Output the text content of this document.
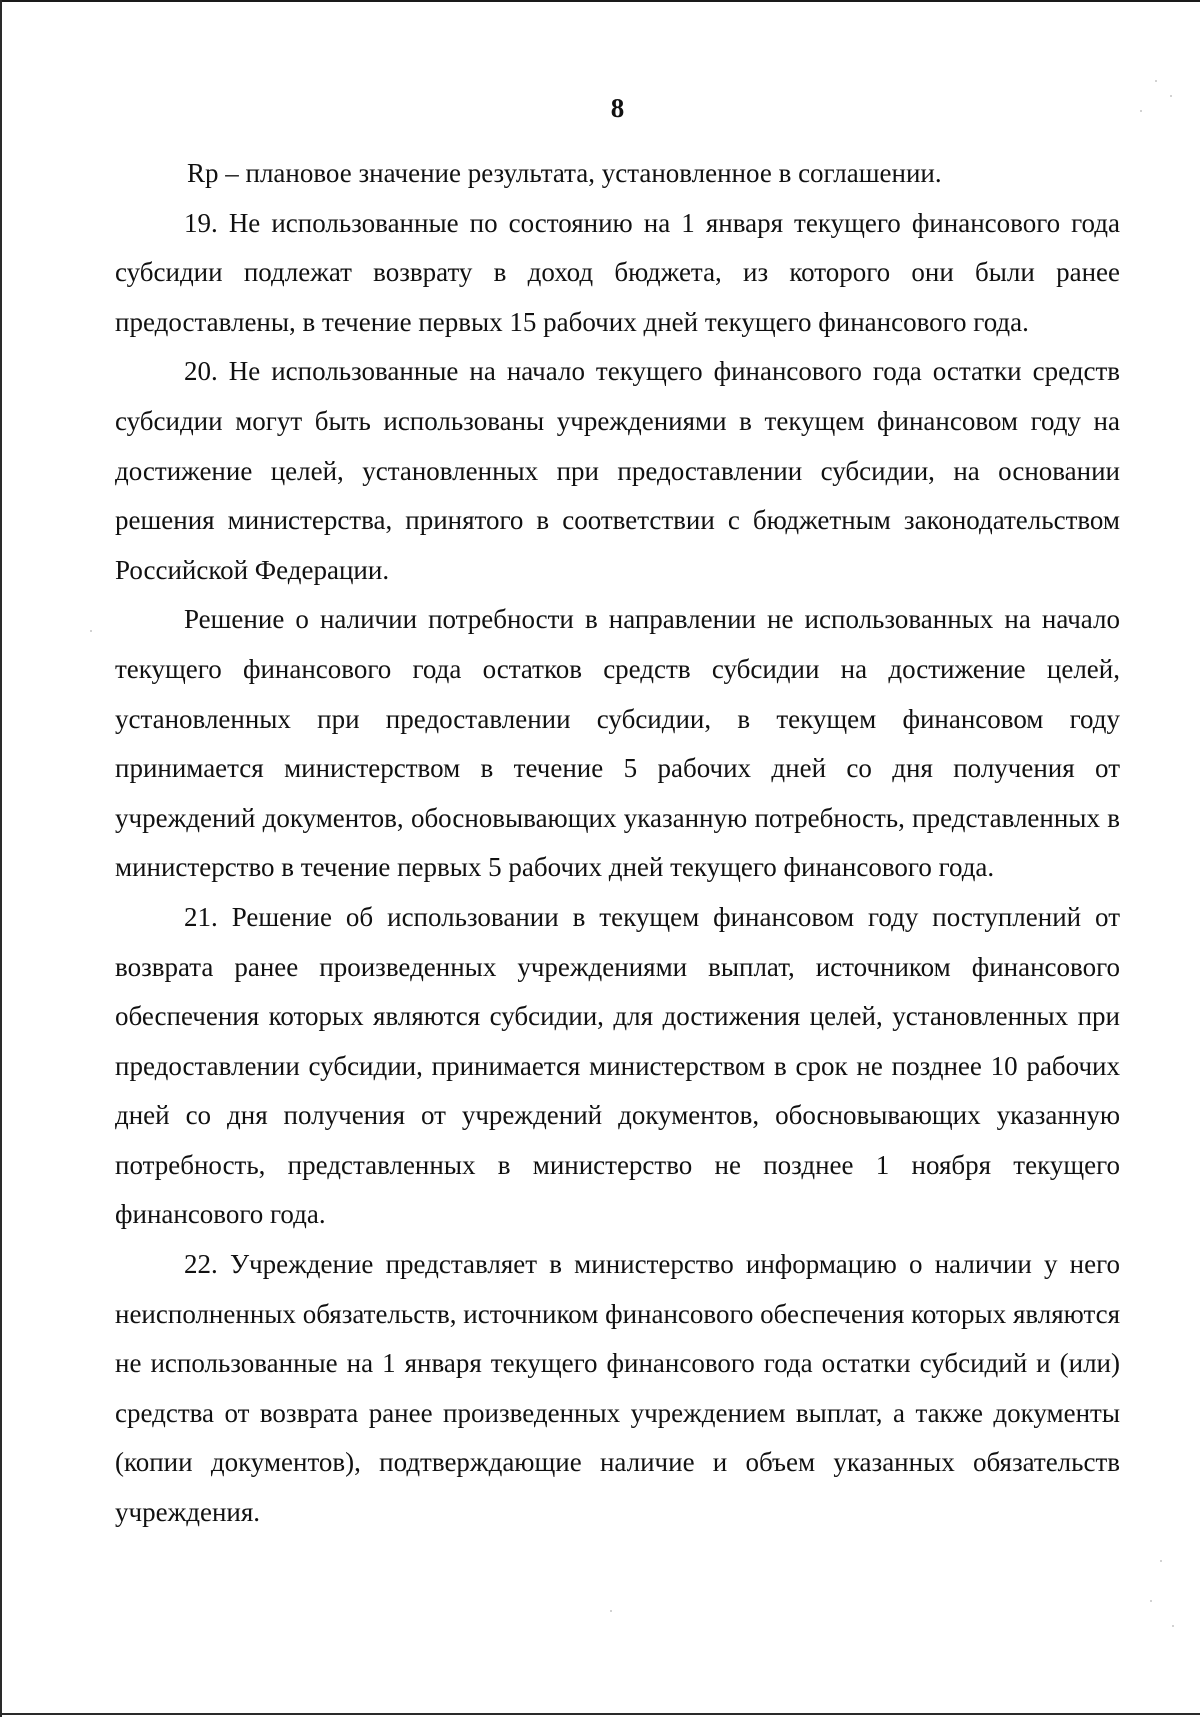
8

Rp – плановое значение результата, установленное в соглашении.

19. Не использованные по состоянию на 1 января текущего финансового года субсидии подлежат возврату в доход бюджета, из которого они были ранее предоставлены, в течение первых 15 рабочих дней текущего финансового года.

20. Не использованные на начало текущего финансового года остатки средств субсидии могут быть использованы учреждениями в текущем финансовом году на достижение целей, установленных при предоставлении субсидии, на основании решения министерства, принятого в соответствии с бюджетным законодательством Российской Федерации.

Решение о наличии потребности в направлении не использованных на начало текущего финансового года остатков средств субсидии на достижение целей, установленных при предоставлении субсидии, в текущем финансовом году принимается министерством в течение 5 рабочих дней со дня получения от учреждений документов, обосновывающих указанную потребность, представленных в министерство в течение первых 5 рабочих дней текущего финансового года.

21. Решение об использовании в текущем финансовом году поступлений от возврата ранее произведенных учреждениями выплат, источником финансового обеспечения которых являются субсидии, для достижения целей, установленных при предоставлении субсидии, принимается министерством в срок не позднее 10 рабочих дней со дня получения от учреждений документов, обосновывающих указанную потребность, представленных в министерство не позднее 1 ноября текущего финансового года.

22. Учреждение представляет в министерство информацию о наличии у него неисполненных обязательств, источником финансового обеспечения которых являются не использованные на 1 января текущего финансового года остатки субсидий и (или) средства от возврата ранее произведенных учреждением выплат, а также документы (копии документов), подтверждающие наличие и объем указанных обязательств учреждения.
